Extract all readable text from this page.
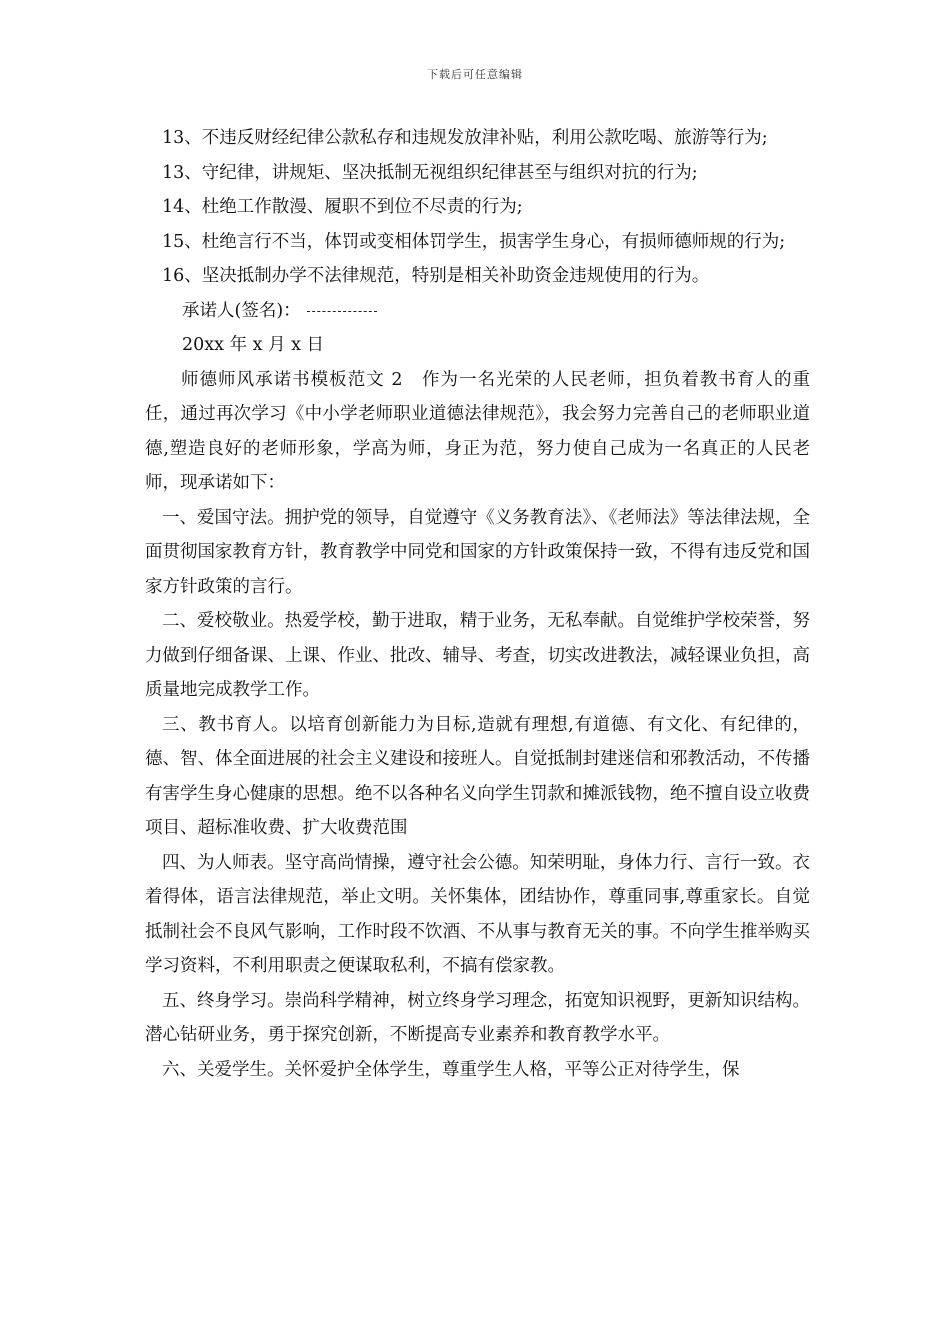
下载后可任意编辑

13、不违反财经纪律公款私存和违规发放津补贴，利用公款吃喝、旅游等行为;

13、守纪律，讲规矩、坚决抵制无视组织纪律甚至与组织对抗的行为;

14、杜绝工作散漫、履职不到位不尽责的行为;

15、杜绝言行不当，体罚或变相体罚学生，损害学生身心，有损师德师规的行为;

16、坚决抵制办学不法律规范，特别是相关补助资金违规使用的行为。

承诺人(签名)：
20xx 年 x 月 x 日

师德师风承诺书模板范文 2　作为一名光荣的人民老师，担负着教书育人的重任，通过再次学习《中小学老师职业道德法律规范》，我会努力完善自己的老师职业道德,塑造良好的老师形象，学高为师，身正为范，努力使自己成为一名真正的人民老师，现承诺如下：

一、爱国守法。拥护党的领导，自觉遵守《义务教育法》、《老师法》等法律法规，全面贯彻国家教育方针，教育教学中同党和国家的方针政策保持一致，不得有违反党和国家方针政策的言行。

二、爱校敬业。热爱学校，勤于进取，精于业务，无私奉献。自觉维护学校荣誉，努力做到仔细备课、上课、作业、批改、辅导、考查，切实改进教法，减轻课业负担，高质量地完成教学工作。

三、教书育人。以培育创新能力为目标,造就有理想,有道德、有文化、有纪律的，德、智、体全面进展的社会主义建设和接班人。自觉抵制封建迷信和邪教活动，不传播有害学生身心健康的思想。绝不以各种名义向学生罚款和摊派钱物，绝不擅自设立收费项目、超标准收费、扩大收费范围

四、为人师表。坚守高尚情操，遵守社会公德。知荣明耻，身体力行、言行一致。衣着得体，语言法律规范，举止文明。关怀集体，团结协作，尊重同事,尊重家长。自觉抵制社会不良风气影响，工作时段不饮酒、不从事与教育无关的事。不向学生推举购买学习资料，不利用职责之便谋取私利，不搞有偿家教。

五、终身学习。崇尚科学精神，树立终身学习理念，拓宽知识视野，更新知识结构。潜心钻研业务，勇于探究创新，不断提高专业素养和教育教学水平。

六、关爱学生。关怀爱护全体学生，尊重学生人格，平等公正对待学生，保
